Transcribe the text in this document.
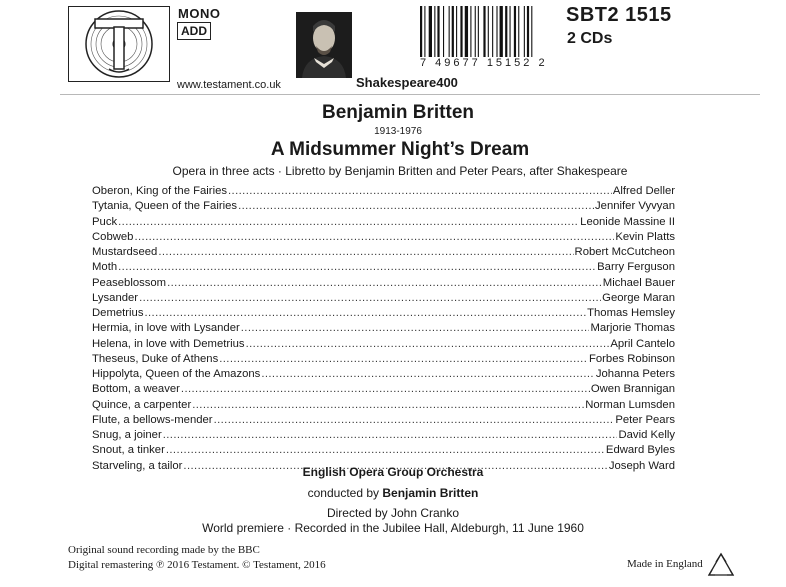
MONO
ADD
www.testament.co.uk	Shakespeare400
7 49677 15152 2
SBT2 1515
2 CDs
Benjamin Britten
1913-1976
A Midsummer Night’s Dream
Opera in three acts · Libretto by Benjamin Britten and Peter Pears, after Shakespeare
Oberon, King of the Fairies .....	Alfred Deller
Tytania, Queen of the Fairies .....	Jennifer Vyvyan
Puck .....	Leonide Massine II
Cobweb .....	Kevin Platts
Mustardseed .....	Robert McCutcheon
Moth .....	Barry Ferguson
Peaseblossom .....	Michael Bauer
Lysander .....	George Maran
Demetrius .....	Thomas Hemsley
Hermia, in love with Lysander .....	Marjorie Thomas
Helena, in love with Demetrius .....	April Cantelo
Theseus, Duke of Athens .....	Forbes Robinson
Hippolyta, Queen of the Amazons .....	Johanna Peters
Bottom, a weaver .....	Owen Brannigan
Quince, a carpenter .....	Norman Lumsden
Flute, a bellows-mender .....	Peter Pears
Snug, a joiner .....	David Kelly
Snout, a tinker .....	Edward Byles
Starveling, a tailor .....	Joseph Ward
English Opera Group Orchestra
conducted by Benjamin Britten
Directed by John Cranko
World premiere · Recorded in the Jubilee Hall, Aldeburgh, 11 June 1960
Original sound recording made by the BBC
Digital remastering ℗ 2016 Testament. © Testament, 2016	Made in England
